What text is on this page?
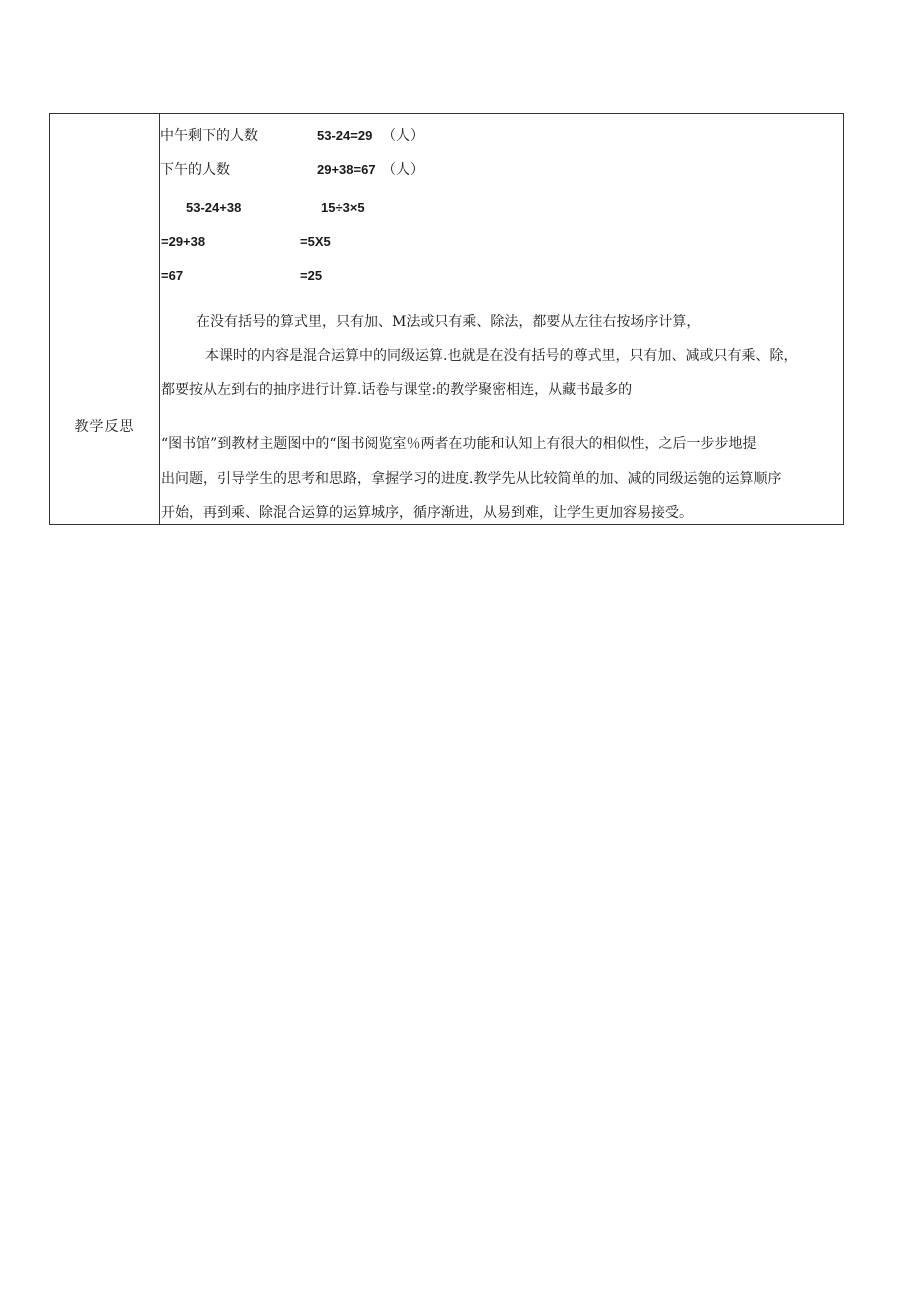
教学反思
中午剩下的人数	53-24=29 （人）
下午的人数	29+38=67 （人）
53-24+38	15÷3×5
=29+38	=5X5
=67	=25
在没有括号的算式里，只有加、M法或只有乘、除法，都要从左往右按场序计算，
本课时的内容是混合运算中的同级运算.也就是在没有括号的尊式里，只有加、减或只有乘、除，
都要按从左到右的抽序进行计算.话卷与课堂:的教学聚密相连，从藏书最多的
“图书馆”到教材主题图中的“图书阅览室％两者在功能和认知上有很大的相似性，之后一步步地提
出问题，引导学生的思考和思路，拿握学习的进度.教学先从比较简单的加、减的同级运匏的运算顺序
开始，再到乘、除混合运算的运算城序，循序渐进，从易到难，让学生更加容易接受。
